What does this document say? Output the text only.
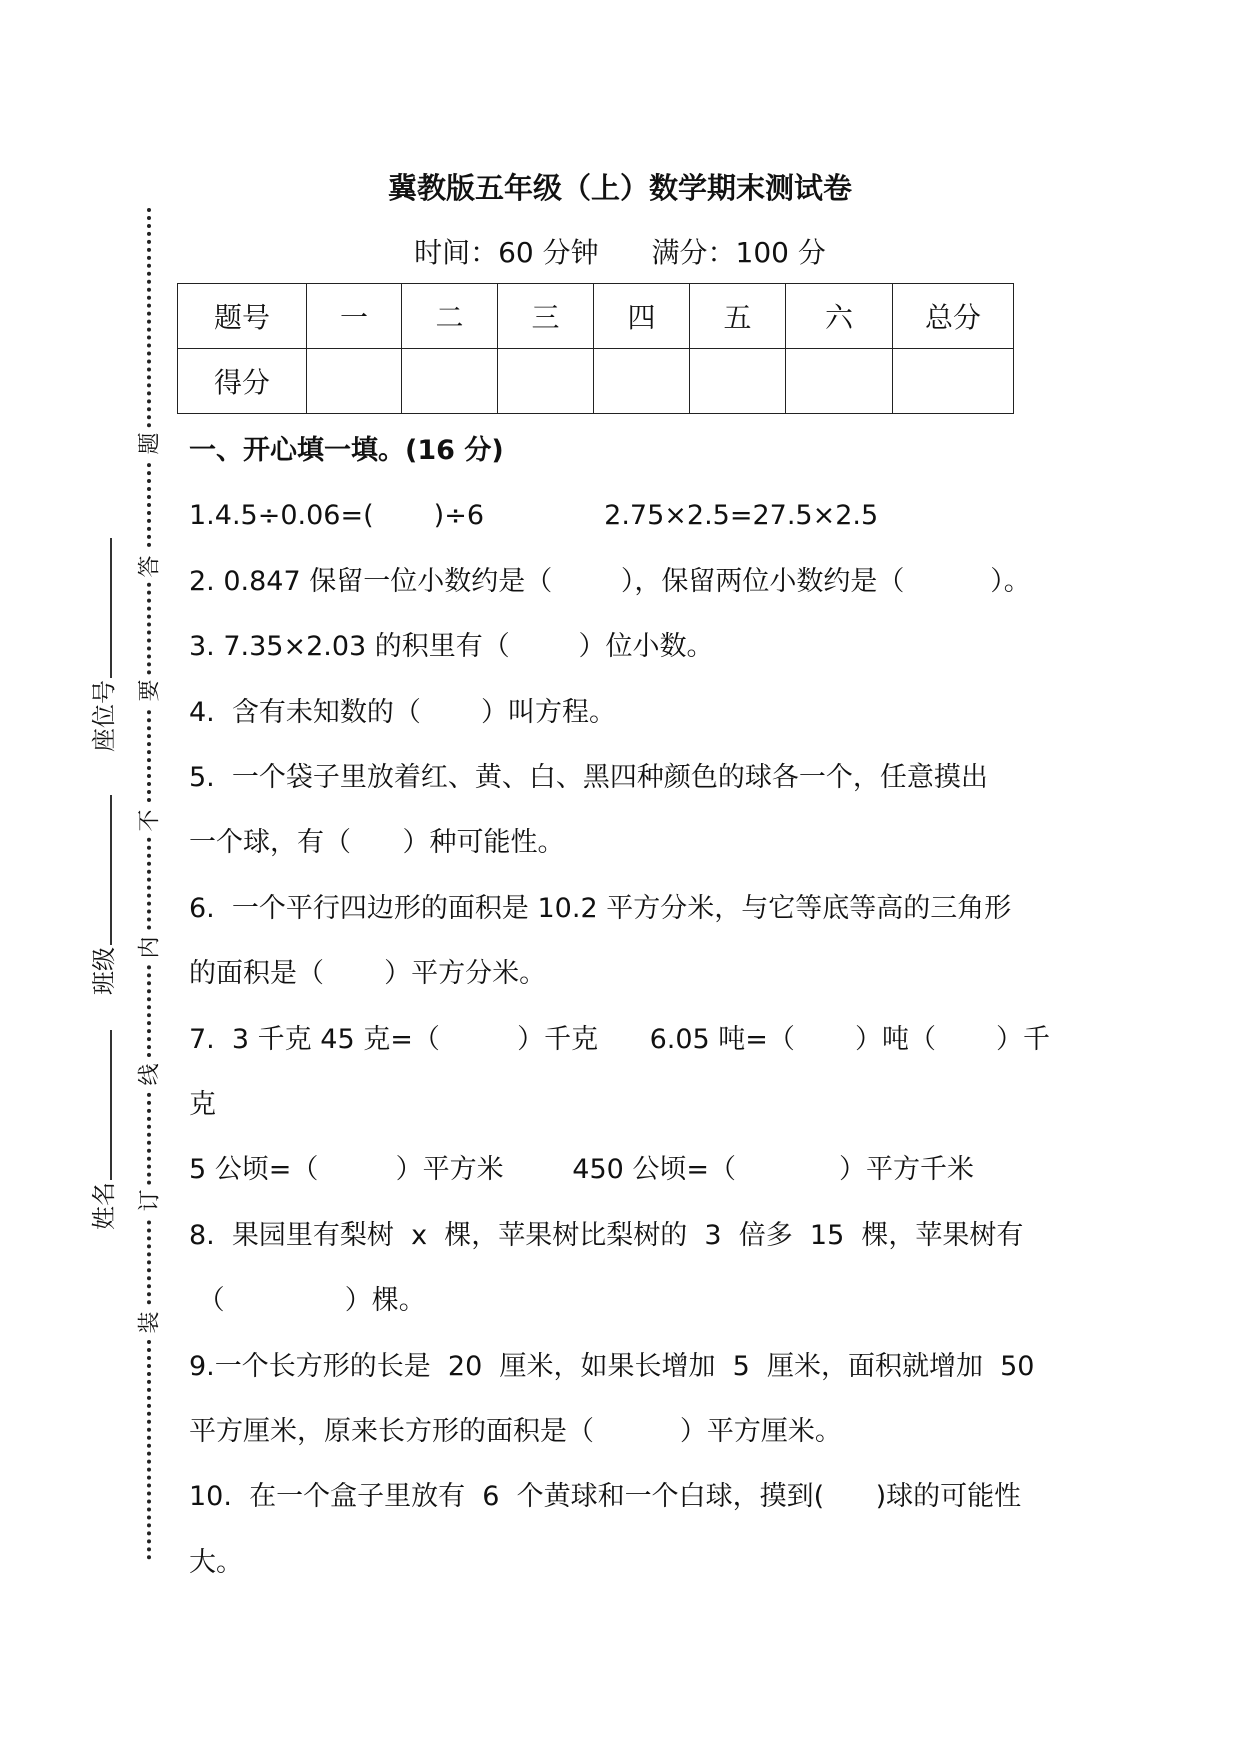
冀教版五年级（上）数学期末测试卷
时间：60 分钟 满分：100 分
题号	一	二	三	四	五	六	总分
得分							
题
答
要
不
内
线
订
装
姓名
班级
座位号
一、开心填一填。(16 分)
1.4.5÷0.06=(       )÷6              2.75×2.5=27.5×2.5
2. 0.847 保留一位小数约是（        ），保留两位小数约是（          ）。
3. 7.35×2.03 的积里有（        ）位小数。
4.  含有未知数的（       ）叫方程。
5.  一个袋子里放着红、黄、白、黑四种颜色的球各一个，任意摸出
一个球，有（      ）种可能性。
6.  一个平行四边形的面积是 10.2 平方分米，与它等底等高的三角形
的面积是（       ）平方分米。
7.  3 千克 45 克=（         ）千克      6.05 吨=（       ）吨（       ）千
克
5 公顷=（         ）平方米        450 公顷=（            ）平方千米
8.  果园里有梨树  x  棵，苹果树比梨树的  3  倍多  15  棵，苹果树有
（              ）棵。
9.一个长方形的长是  20  厘米，如果长增加  5  厘米，面积就增加  50
平方厘米，原来长方形的面积是（          ）平方厘米。
10.  在一个盒子里放有  6  个黄球和一个白球，摸到(      )球的可能性
大。
